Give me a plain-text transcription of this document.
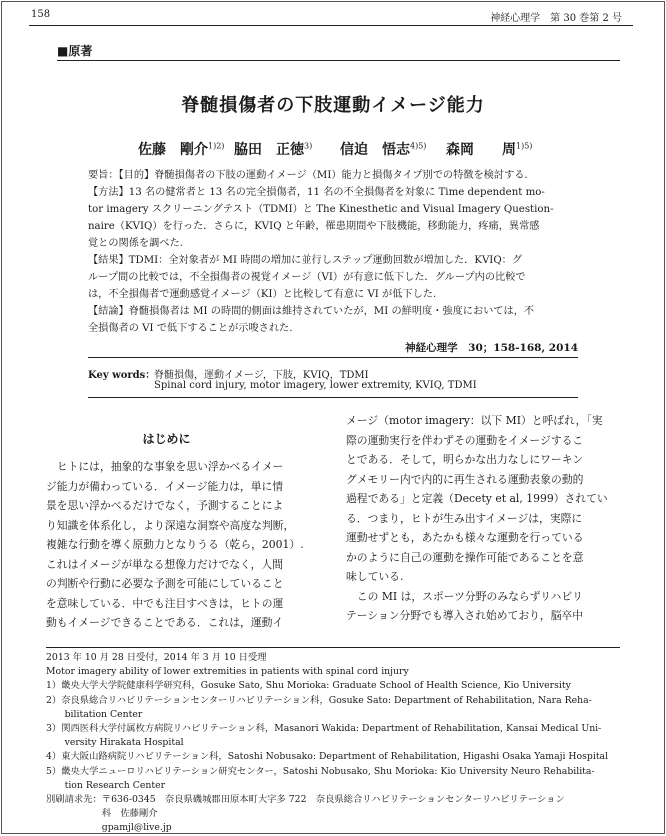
158	神経心理学　第 30 巻第 2 号
■原著
脊髄損傷者の下肢運動イメージ能力
佐藤　剛介$^{1)2)}$ 脇田　正徳$^{3)}$ 信迫　悟志$^{4)5)}$ 森岡　　周$^{1)5)}$

要旨：【目的】脊髄損傷者の下肢の運動イメージ（MI）能力と損傷タイプ別での特徴を検討する.

【方法】13 名の健常者と 13 名の完全損傷者，11 名の不全損傷者を対象に Time dependent mo-

tor imagery スクリーニングテスト（TDMI）と The Kinesthetic and Visual Imagery Question-

naire（KVIQ）を行った．さらに，KVIQ と年齢，罹患期間や下肢機能，移動能力，疼痛，異常感

覚との関係を調べた.

【結果】TDMI：全対象者が MI 時間の増加に並行しステップ運動回数が増加した．KVIQ：グ

ループ間の比較では，不全損傷者の視覚イメージ（VI）が有意に低下した．グループ内の比較で

は，不全損傷者で運動感覚イメージ（KI）と比較して有意に VI が低下した.

【結論】脊髄損傷者は MI の時間的側面は維持されていたが，MI の鮮明度・強度においては，不

全損傷者の VI で低下することが示唆された.

神経心理学　30；158-168, 2014
Key words：
脊髄損傷，運動イメージ，下肢，KVIQ，TDMI
Spinal cord injury, motor imagery, lower extremity, KVIQ, TDMI
はじめに

　ヒトには，抽象的な事象を思い浮かべるイメー

ジ能力が備わっている．イメージ能力は，単に情

景を思い浮かべるだけでなく，予測することによ

り知識を体系化し，より深遠な洞察や高度な判断，

複雑な行動を導く原動力となりうる（乾ら，2001）.

これはイメージが単なる想像力だけでなく，人間

の判断や行動に必要な予測を可能にしていること

を意味している．中でも注目すべきは，ヒトの運

動もイメージできることである．これは，運動イ

メージ（motor imagery：以下 MI）と呼ばれ，「実

際の運動実行を伴わずその運動をイメージするこ

とである．そして，明らかな出力なしにワーキン

グメモリー内で内的に再生される運動表象の動的

過程である」と定義（Decety et al, 1999）されてい

る．つまり，ヒトが生み出すイメージは，実際に

運動せずとも，あたかも様々な運動を行っている

かのように自己の運動を操作可能であることを意

味している.

　この MI は，スポーツ分野のみならずリハビリ

テーション分野でも導入され始めており，脳卒中

2013 年 10 月 28 日受付，2014 年 3 月 10 日受理

Motor imagery ability of lower extremities in patients with spinal cord injury

1）畿央大学大学院健康科学研究科，Gosuke Sato, Shu Morioka: Graduate School of Health Science, Kio University

2）奈良県総合リハビリテーションセンターリハビリテーション科，Gosuke Sato: Department of Rehabilitation, Nara Reha-

　　bilitation Center

3）関西医科大学付属枚方病院リハビリテーション科，Masanori Wakida: Department of Rehabilitation, Kansai Medical Uni-

　　versity Hirakata Hospital

4）東大阪山路病院リハビリテーション科，Satoshi Nobusako: Department of Rehabilitation, Higashi Osaka Yamaji Hospital

5）畿央大学ニューロリハビリテーション研究センター，Satoshi Nobusako, Shu Morioka: Kio University Neuro Rehabilita-

　　tion Research Center

別刷請求先：〒636-0345　奈良県磯城郡田原本町大字多 722　奈良県総合リハビリテーションセンターリハビリテーション

　　　　　　科　佐藤剛介

　　　　　　gpamjl@live.jp
